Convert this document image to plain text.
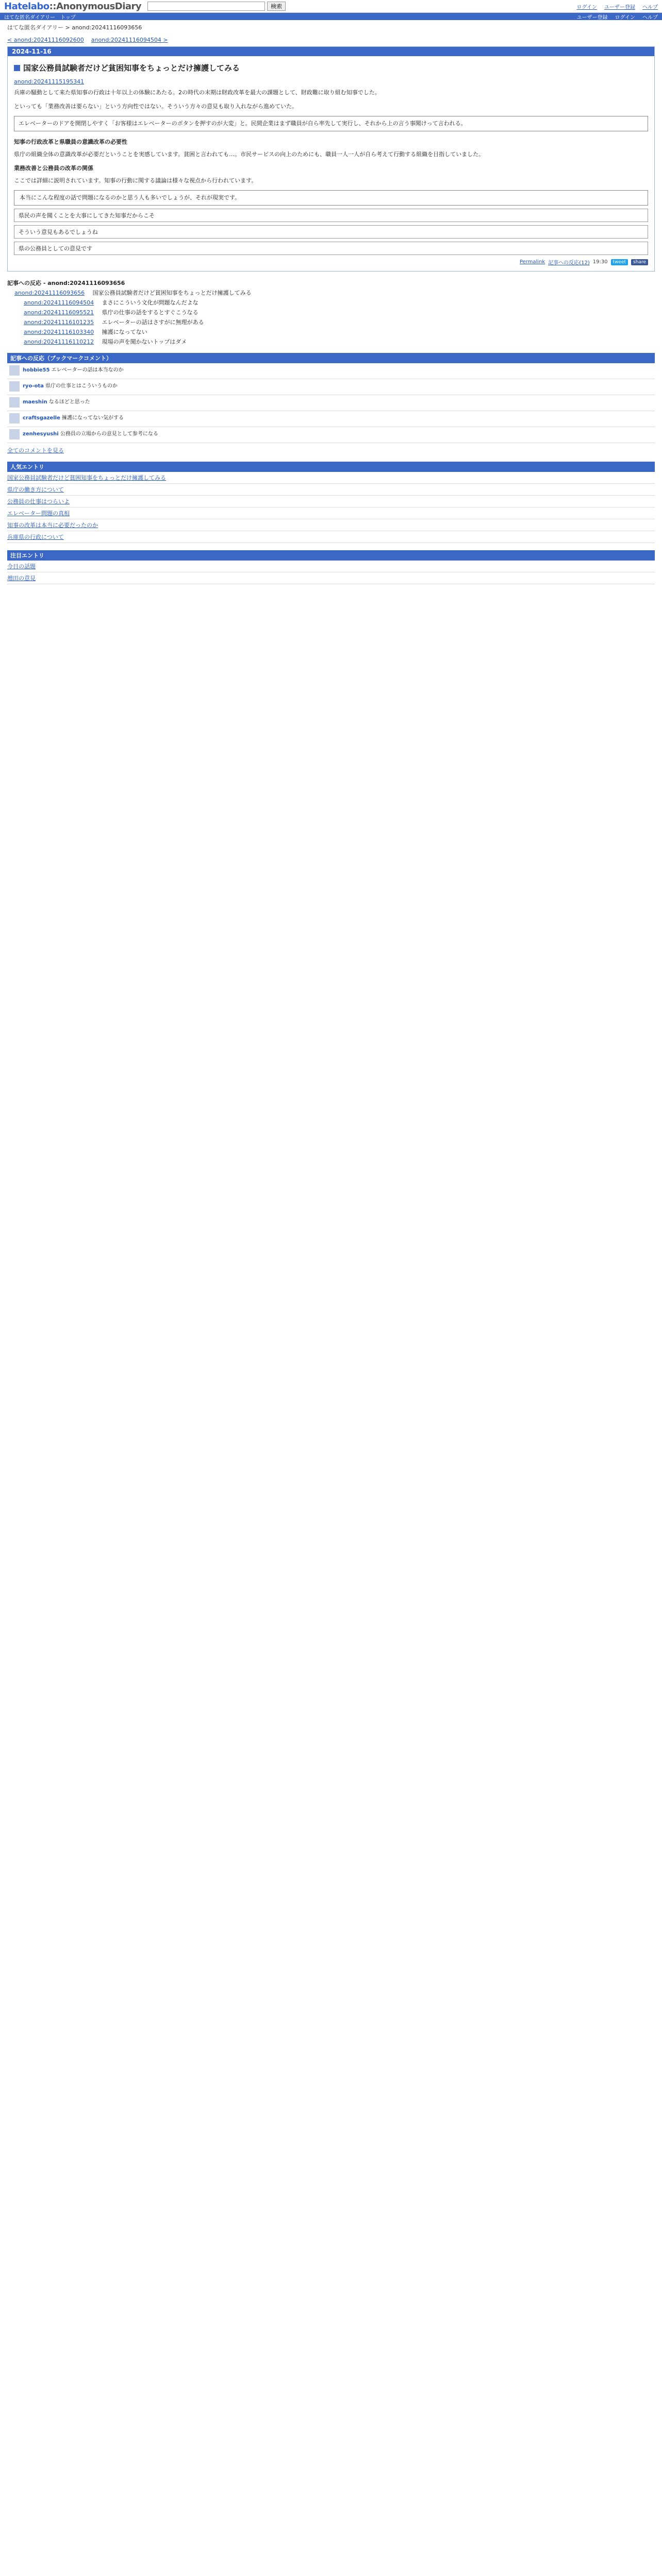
Hatelabo::AnonymousDiary	検索	ログイン ユーザー登録 ヘルプ
はてな匿名ダイアリー トップ	ユーザー登録 ログイン ヘルプ
はてな匿名ダイアリー > anond:20241116093656
< anond:20241116092600 anond:20241116094504 >
2024-11-16
国家公務員試験者だけど貧困知事をちょっとだけ擁護してみる
anond:20241115195341

兵庫の騒動として来た県知事の行政は十年以上の体験にあたる。2の時代の末期は財政改革を最大の課題として、財政難に取り組む知事でした。

といっても「業務改善は要らない」という方向性ではない。そういう方々の意見も取り入れながら進めていた。

エレベーターのドアを開閉しやすく「お客様はエレベーターのボタンを押すのが大変」と。民間企業はまず職員が自ら率先して実行し、それから上の言う事聞けって言われる。
知事の行政改革と県職員の意識改革の必要性

県庁の組織全体の意識改革が必要だということを実感しています。貧困と言われても…。市民サービスの向上のためにも、職員一人一人が自ら考えて行動する組織を目指していました。

業務改善と公務員の改革の関係

ここでは詳細に説明されています。知事の行動に関する議論は様々な視点から行われています。

本当にこんな程度の話で問題になるのかと思う人も多いでしょうが、それが現実です。
県民の声を聞くことを大事にしてきた知事だからこそ
そういう意見もあるでしょうね
県の公務員としての意見です
Permalink 記事への反応(12) 19:30	tweet	share
記事への反応 - anond:20241116093656
anond:20241116093656 国家公務員試験者だけど貧困知事をちょっとだけ擁護してみる
anond:20241116094504 まさにこういう文化が問題なんだよな
anond:20241116095521 県庁の仕事の話をするとすぐこうなる
anond:20241116101235 エレベーターの話はさすがに無理がある
anond:20241116103340 擁護になってない
anond:20241116110212 現場の声を聞かないトップはダメ
記事への反応（ブックマークコメント）
hobbie55 エレベーターの話は本当なのか
ryo-ota 県庁の仕事とはこういうものか
maeshin なるほどと思った
craftsgazelle 擁護になってない気がする
zenhesyushi 公務員の立場からの意見として参考になる
全てのコメントを見る
人気エントリ
国家公務員試験者だけど貧困知事をちょっとだけ擁護してみる
県庁の働き方について
公務員の仕事はつらいよ
エレベーター問題の真相
知事の改革は本当に必要だったのか
兵庫県の行政について
注目エントリ
今日の話題
増田の意見
